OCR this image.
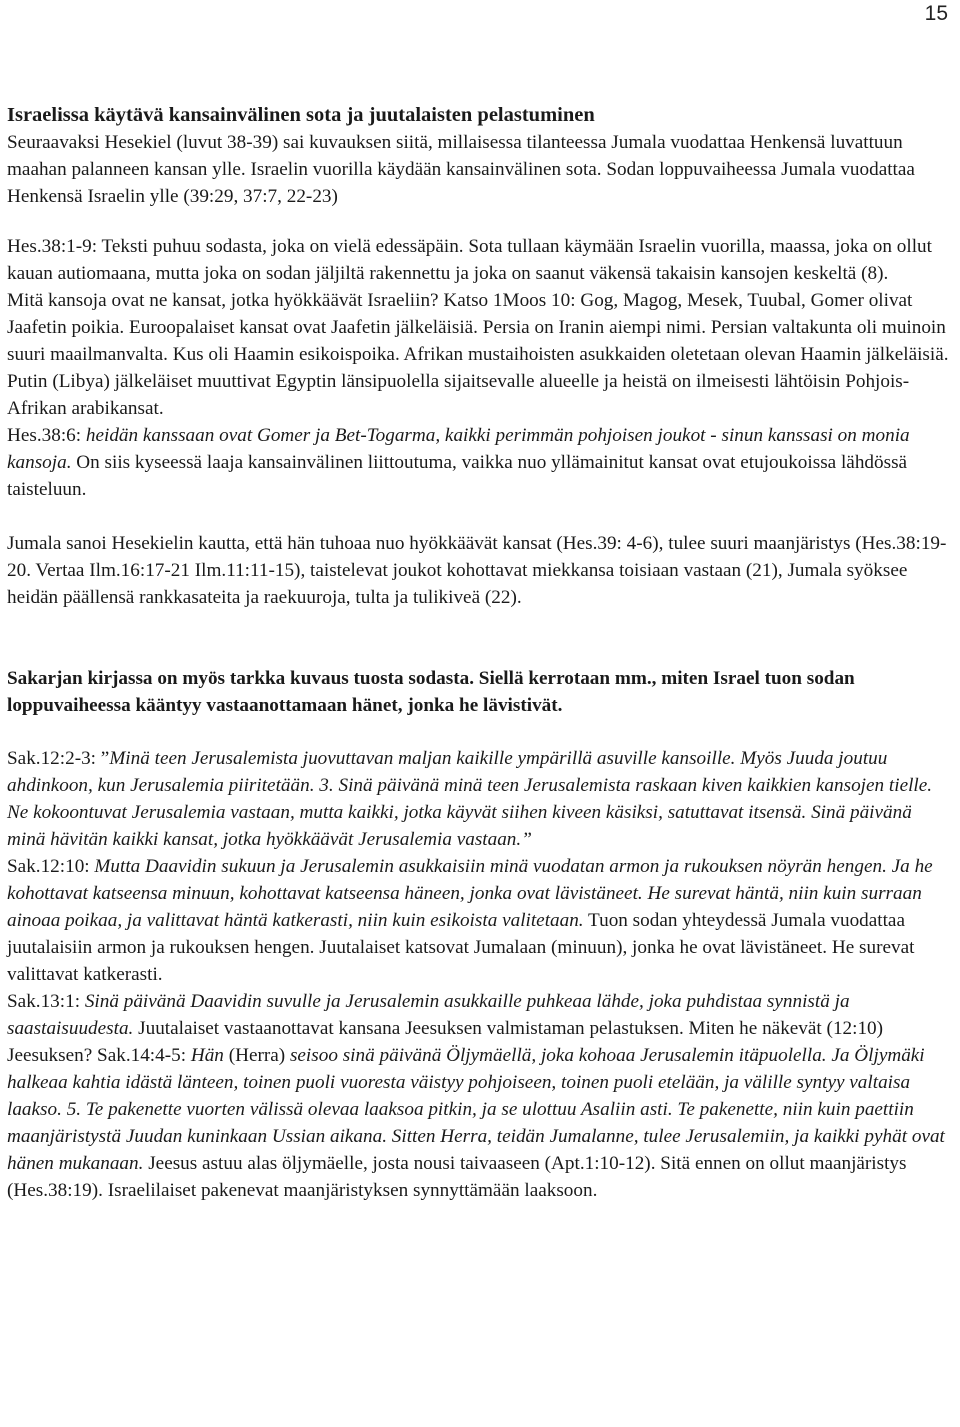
15

Israelissa käytävä kansainvälinen sota ja juutalaisten pelastuminen

Seuraavaksi Hesekiel (luvut 38-39) sai kuvauksen siitä, millaisessa tilanteessa Jumala vuodattaa Henkensä luvattuun maahan palanneen kansan ylle. Israelin vuorilla käydään kansainvälinen sota. Sodan loppuvaiheessa Jumala vuodattaa Henkensä Israelin ylle (39:29, 37:7, 22-23)

Hes.38:1-9: Teksti puhuu sodasta, joka on vielä edessäpäin. Sota tullaan käymään Israelin vuorilla, maassa, joka on ollut kauan autiomaana, mutta joka on sodan jäljiltä rakennettu ja joka on saanut väkensä takaisin kansojen keskeltä (8).

Mitä kansoja ovat ne kansat, jotka hyökkäävät Israeliin? Katso 1Moos 10: Gog, Magog, Mesek, Tuubal, Gomer olivat Jaafetin poikia. Euroopalaiset kansat ovat Jaafetin jälkeläisiä. Persia on Iranin aiempi nimi. Persian valtakunta oli muinoin suuri maailmanvalta. Kus oli Haamin esikoispoika. Afrikan mustaihoisten asukkaiden oletetaan olevan Haamin jälkeläisiä. Putin (Libya) jälkeläiset muuttivat Egyptin länsipuolella sijaitsevalle alueelle ja heistä on ilmeisesti lähtöisin Pohjois-Afrikan arabikansat.

Hes.38:6: heidän kanssaan ovat Gomer ja Bet-Togarma, kaikki perimmän pohjoisen joukot - sinun kanssasi on monia kansoja. On siis kyseessä laaja kansainvälinen liittoutuma, vaikka nuo yllämainitut kansat ovat etujoukoissa lähdössä taisteluun.

Jumala sanoi Hesekielin kautta, että hän tuhoaa nuo hyökkäävät kansat (Hes.39: 4-6), tulee suuri maanjäristys (Hes.38:19-20. Vertaa Ilm.16:17-21 Ilm.11:11-15), taistelevat joukot kohottavat miekkansa toisiaan vastaan (21), Jumala syöksee heidän päällensä rankkasateita ja raekuuroja, tulta ja tulikiveä (22).

Sakarjan kirjassa on myös tarkka kuvaus tuosta sodasta. Siellä kerrotaan mm., miten Israel tuon sodan loppuvaiheessa kääntyy vastaanottamaan hänet, jonka he lävistivät.

Sak.12:2-3: ”Minä teen Jerusalemista juovuttavan maljan kaikille ympärillä asuville kansoille. Myös Juuda joutuu ahdinkoon, kun Jerusalemia piiritetään. 3. Sinä päivänä minä teen Jerusalemista raskaan kiven kaikkien kansojen tielle. Ne kokoontuvat Jerusalemia vastaan, mutta kaikki, jotka käyvät siihen kiveen käsiksi, satuttavat itsensä. Sinä päivänä minä hävitän kaikki kansat, jotka hyökkäävät Jerusalemia vastaan.”

Sak.12:10: Mutta Daavidin sukuun ja Jerusalemin asukkaisiin minä vuodatan armon ja rukouksen nöyrän hengen. Ja he kohottavat katseensa minuun, kohottavat katseensa häneen, jonka ovat lävistäneet. He surevat häntä, niin kuin surraan ainoaa poikaa, ja valittavat häntä katkerasti, niin kuin esikoista valitetaan. Tuon sodan yhteydessä Jumala vuodattaa juutalaisiin armon ja rukouksen hengen. Juutalaiset katsovat Jumalaan (minuun), jonka he ovat lävistäneet. He surevat valittavat katkerasti.

Sak.13:1: Sinä päivänä Daavidin suvulle ja Jerusalemin asukkaille puhkeaa lähde, joka puhdistaa synnistä ja saastaisuudesta. Juutalaiset vastaanottavat kansana Jeesuksen valmistaman pelastuksen. Miten he näkevät (12:10) Jeesuksen? Sak.14:4-5: Hän (Herra) seisoo sinä päivänä Öljymäellä, joka kohoaa Jerusalemin itäpuolella. Ja Öljymäki halkeaa kahtia idästä länteen, toinen puoli vuoresta väistyy pohjoiseen, toinen puoli etelään, ja välille syntyy valtaisa laakso. 5. Te pakenette vuorten välissä olevaa laaksoa pitkin, ja se ulottuu Asaliin asti. Te pakenette, niin kuin paettiin maanjäristystä Juudan kuninkaan Ussian aikana. Sitten Herra, teidän Jumalanne, tulee Jerusalemiin, ja kaikki pyhät ovat hänen mukanaan. Jeesus astuu alas öljymäelle, josta nousi taivaaseen (Apt.1:10-12). Sitä ennen on ollut maanjäristys (Hes.38:19). Israelilaiset pakenevat maanjäristyksen synnyttämään laaksoon.
